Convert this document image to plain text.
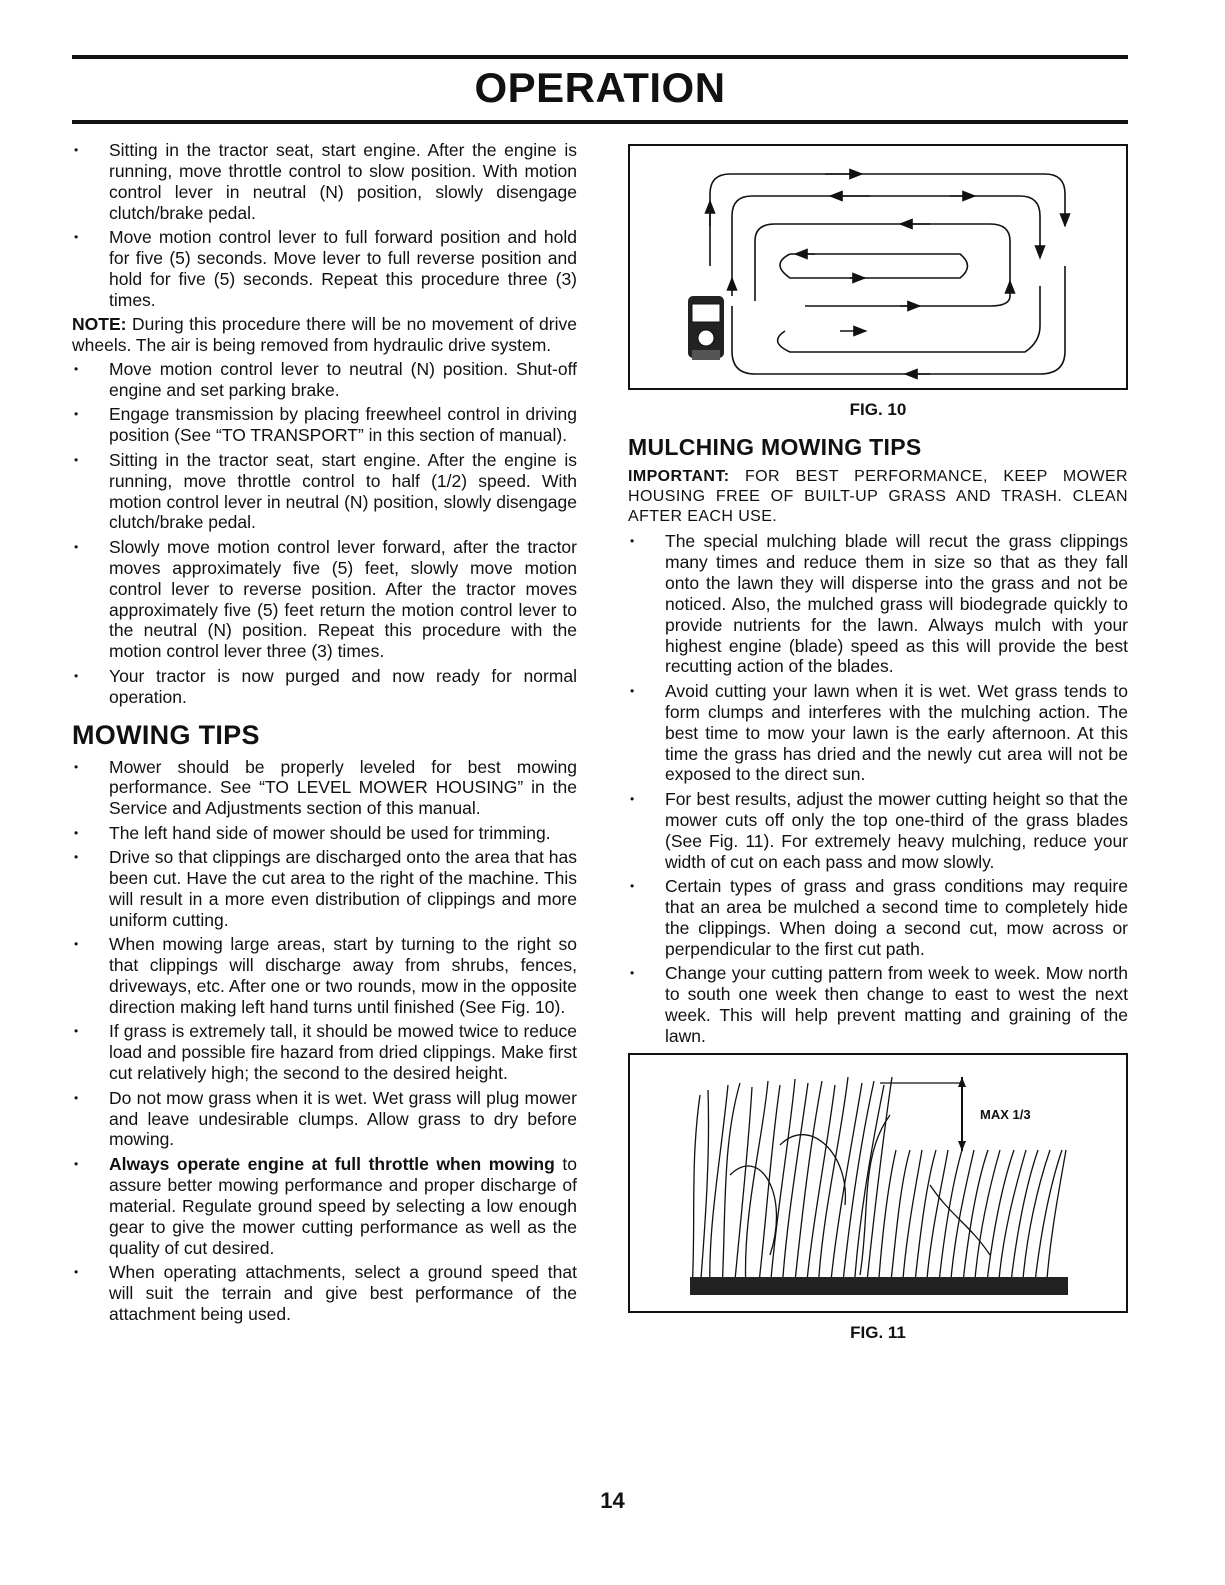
OPERATION
• Sitting in the tractor seat, start engine. After the engine is running, move throttle control to slow position. With motion control lever in neutral (N) position, slowly disengage clutch/brake pedal.
• Move motion control lever to full forward position and hold for five (5) seconds. Move lever to full reverse position and hold for five (5) seconds. Repeat this procedure three (3) times.

NOTE: During this procedure there will be no movement of drive wheels. The air is being removed from hydraulic drive system.

• Move motion control lever to neutral (N) position. Shut-off engine and set parking brake.
• Engage transmission by placing freewheel control in driving position (See “TO TRANSPORT” in this section of manual).
• Sitting in the tractor seat, start engine. After the engine is running, move throttle control to half (1/2) speed. With motion control lever in neutral (N) position, slowly disengage clutch/brake pedal.
• Slowly move motion control lever forward, after the tractor moves approximately five (5) feet, slowly move motion control lever to reverse position. After the tractor moves approximately five (5) feet return the motion control lever to the neutral (N) position. Repeat this procedure with the motion control lever three (3) times.
• Your tractor is now purged and now ready for normal operation.
MOWING TIPS
• Mower should be properly leveled for best mowing performance. See “TO LEVEL MOWER HOUSING” in the Service and Adjustments section of this manual.
• The left hand side of mower should be used for trimming.
• Drive so that clippings are discharged onto the area that has been cut. Have the cut area to the right of the machine. This will result in a more even distribution of clippings and more uniform cutting.
• When mowing large areas, start by turning to the right so that clippings will discharge away from shrubs, fences, driveways, etc. After one or two rounds, mow in the opposite direction making left hand turns until finished (See Fig. 10).
• If grass is extremely tall, it should be mowed twice to reduce load and possible fire hazard from dried clippings. Make first cut relatively high; the second to the desired height.
• Do not mow grass when it is wet. Wet grass will plug mower and leave undesirable clumps. Allow grass to dry before mowing.
• Always operate engine at full throttle when mowing to assure better mowing performance and proper discharge of material. Regulate ground speed by selecting a low enough gear to give the mower cutting performance as well as the quality of cut desired.
• When operating attachments, select a ground speed that will suit the terrain and give best performance of the attachment being used.
FIG. 10
MULCHING MOWING TIPS
IMPORTANT: FOR BEST PERFORMANCE, KEEP MOWER HOUSING FREE OF BUILT-UP GRASS AND TRASH. CLEAN AFTER EACH USE.
• The special mulching blade will recut the grass clippings many times and reduce them in size so that as they fall onto the lawn they will disperse into the grass and not be noticed. Also, the mulched grass will biodegrade quickly to provide nutrients for the lawn. Always mulch with your highest engine (blade) speed as this will provide the best recutting action of the blades.
• Avoid cutting your lawn when it is wet. Wet grass tends to form clumps and interferes with the mulching action. The best time to mow your lawn is the early afternoon. At this time the grass has dried and the newly cut area will not be exposed to the direct sun.
• For best results, adjust the mower cutting height so that the mower cuts off only the top one-third of the grass blades (See Fig. 11). For extremely heavy mulching, reduce your width of cut on each pass and mow slowly.
• Certain types of grass and grass conditions may require that an area be mulched a second time to completely hide the clippings. When doing a second cut, mow across or perpendicular to the first cut path.
• Change your cutting pattern from week to week. Mow north to south one week then change to east to west the next week. This will help prevent matting and graining of the lawn.
MAX 1/3
FIG. 11
14
